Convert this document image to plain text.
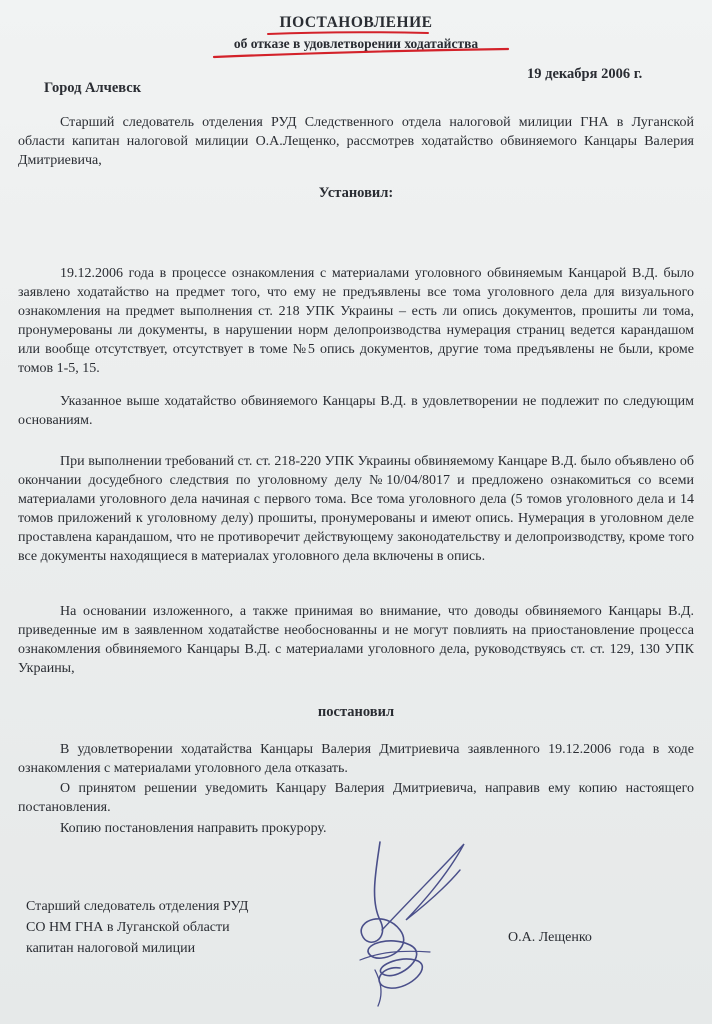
ПОСТАНОВЛЕНИЕ
об отказе в удовлетворении ходатайства
19 декабря 2006 г.
Город Алчевск
Старший следователь отделения РУД Следственного отдела налоговой милиции ГНА в Луганской области капитан налоговой милиции О.А.Лещенко, рассмотрев ходатайство обвиняемого Канцары Валерия Дмитриевича,
Установил:
19.12.2006 года в процессе ознакомления с материалами уголовного обвиняемым Канцарой В.Д. было заявлено ходатайство на предмет того, что ему не предъявлены все тома уголовного дела для визуального ознакомления на предмет выполнения ст. 218 УПК Украины – есть ли опись документов, прошиты ли тома, пронумерованы ли документы, в нарушении норм делопроизводства нумерация страниц ведется карандашом или вообще отсутствует, отсутствует в томе №5 опись документов, другие тома предъявлены не были, кроме томов 1-5, 15.
Указанное выше ходатайство обвиняемого Канцары В.Д. в удовлетворении не подлежит по следующим основаниям.
При выполнении требований ст. ст. 218-220 УПК Украины обвиняемому Канцаре В.Д. было объявлено об окончании досудебного следствия по уголовному делу №10/04/8017 и предложено ознакомиться со всеми материалами уголовного дела начиная с первого тома. Все тома уголовного дела (5 томов уголовного дела и 14 томов приложений к уголовному делу) прошиты, пронумерованы и имеют опись. Нумерация в уголовном деле проставлена карандашом, что не противоречит действующему законодательству и делопроизводству, кроме того все документы находящиеся в материалах уголовного дела включены в опись.
На основании изложенного, а также принимая во внимание, что доводы обвиняемого Канцары В.Д. приведенные им в заявленном ходатайстве необоснованны и не могут повлиять на приостановление процесса ознакомления обвиняемого Канцары В.Д. с материалами уголовного дела, руководствуясь ст. ст. 129, 130 УПК Украины,
постановил
В удовлетворении ходатайства Канцары Валерия Дмитриевича заявленного 19.12.2006 года в ходе ознакомления с материалами уголовного дела отказать.
О принятом решении уведомить Канцару Валерия Дмитриевича, направив ему копию настоящего постановления.
Копию постановления направить прокурору.
Старший следователь отделения РУД
СО НМ ГНА в Луганской области
капитан налоговой милиции
О.А. Лещенко
